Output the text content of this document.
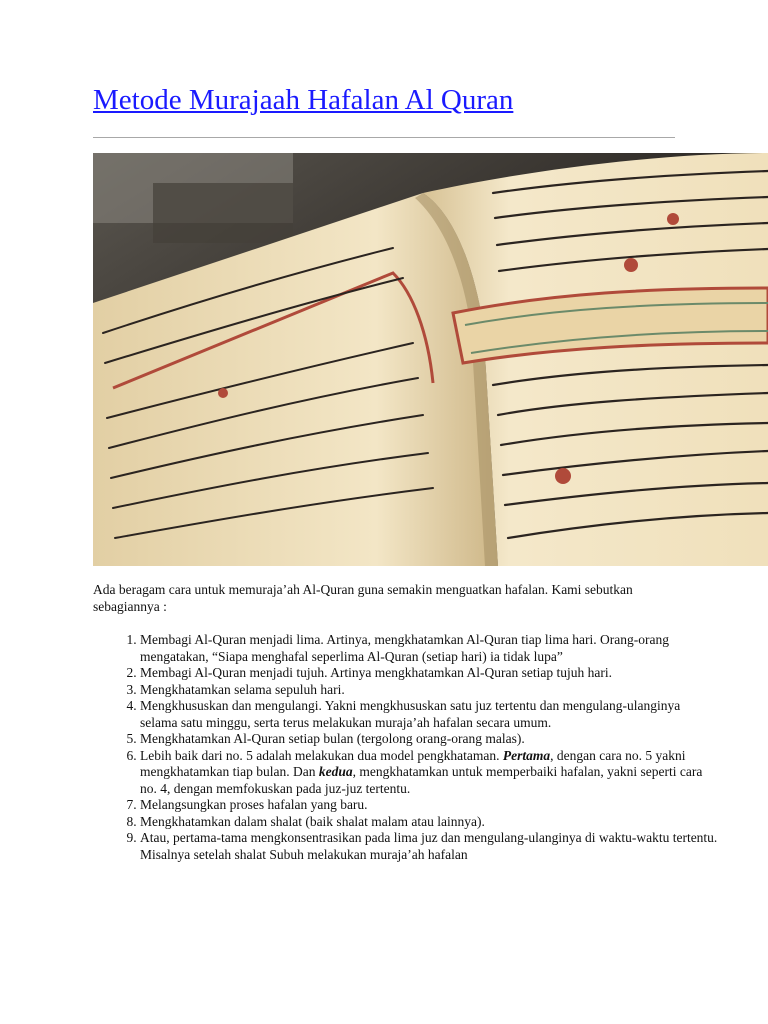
Metode Murajaah Hafalan Al Quran

Ada beragam cara untuk memuraja’ah Al-Quran guna semakin menguatkan hafalan. Kami sebutkan sebagiannya :

1. Membagi Al-Quran menjadi lima. Artinya, mengkhatamkan Al-Quran tiap lima hari. Orang-orang mengatakan, “Siapa menghafal seperlima Al-Quran (setiap hari) ia tidak lupa”
2. Membagi Al-Quran menjadi tujuh. Artinya mengkhatamkan Al-Quran setiap tujuh hari.
3. Mengkhatamkan selama sepuluh hari.
4. Mengkhususkan dan mengulangi. Yakni mengkhususkan satu juz tertentu dan mengulang-ulanginya selama satu minggu, serta terus melakukan muraja’ah hafalan secara umum.
5. Mengkhatamkan Al-Quran setiap bulan (tergolong orang-orang malas).
6. Lebih baik dari no. 5 adalah melakukan dua model pengkhataman. Pertama, dengan cara no. 5 yakni mengkhatamkan tiap bulan. Dan kedua, mengkhatamkan untuk memperbaiki hafalan, yakni seperti cara no. 4, dengan memfokuskan pada juz-juz tertentu.
7. Melangsungkan proses hafalan yang baru.
8. Mengkhatamkan dalam shalat (baik shalat malam atau lainnya).
9. Atau, pertama-tama mengkonsentrasikan pada lima juz dan mengulang-ulanginya di waktu-waktu tertentu. Misalnya setelah shalat Subuh melakukan muraja’ah hafalan
